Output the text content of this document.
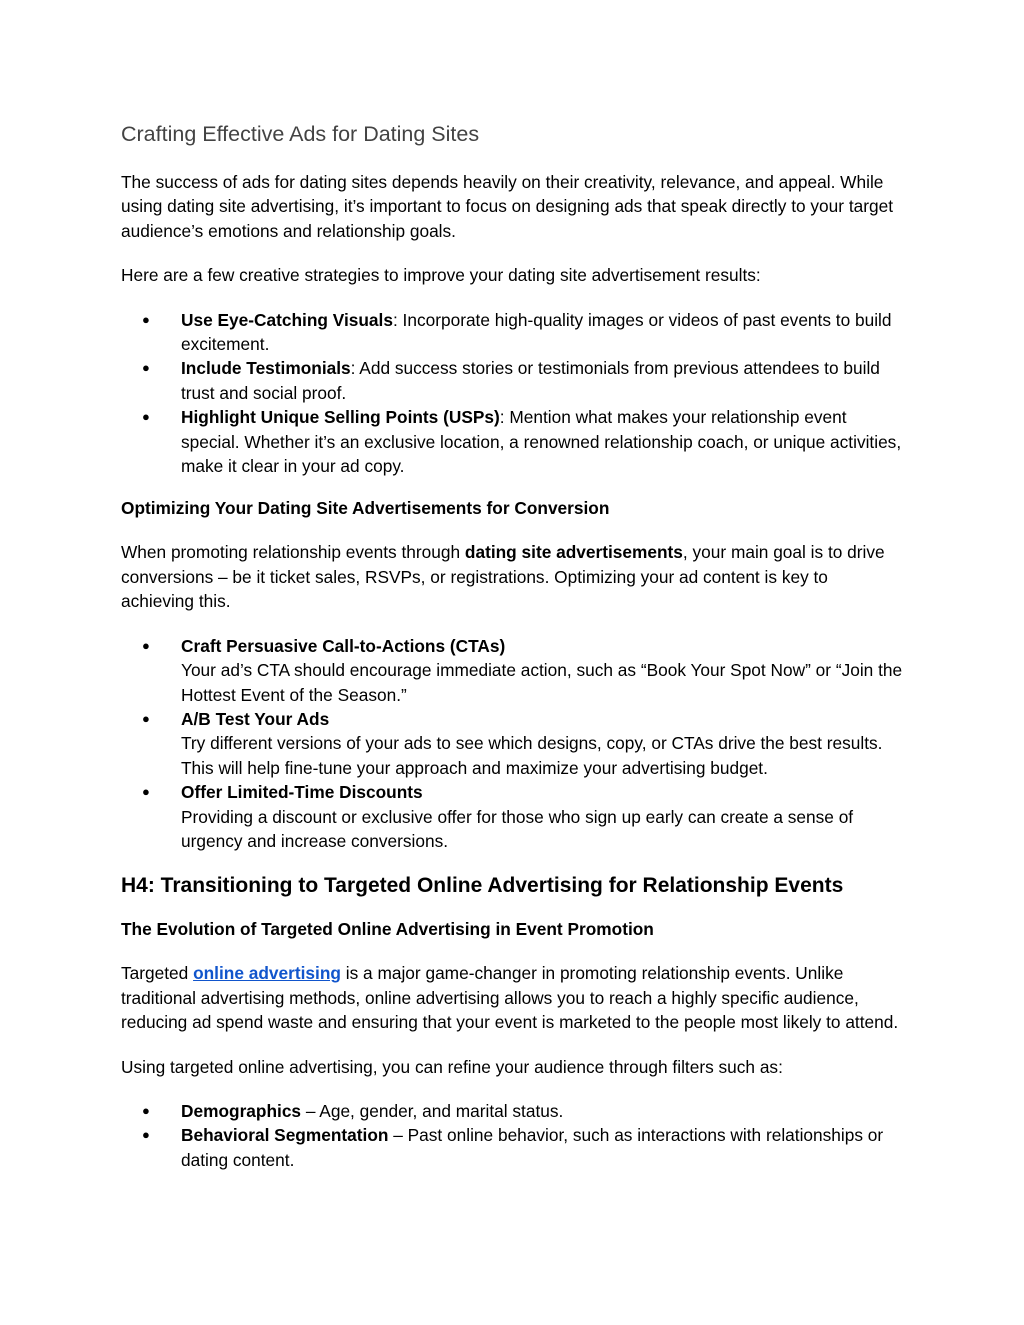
Crafting Effective Ads for Dating Sites

The success of ads for dating sites depends heavily on their creativity, relevance, and appeal. While using dating site advertising, it’s important to focus on designing ads that speak directly to your target audience’s emotions and relationship goals.

Here are a few creative strategies to improve your dating site advertisement results:

● Use Eye-Catching Visuals: Incorporate high-quality images or videos of past events to build excitement.
● Include Testimonials: Add success stories or testimonials from previous attendees to build trust and social proof.
● Highlight Unique Selling Points (USPs): Mention what makes your relationship event special. Whether it’s an exclusive location, a renowned relationship coach, or unique activities, make it clear in your ad copy.
Optimizing Your Dating Site Advertisements for Conversion

When promoting relationship events through dating site advertisements, your main goal is to drive conversions – be it ticket sales, RSVPs, or registrations. Optimizing your ad content is key to achieving this.

● Craft Persuasive Call-to-Actions (CTAs)
Your ad’s CTA should encourage immediate action, such as “Book Your Spot Now” or “Join the Hottest Event of the Season.”
● A/B Test Your Ads
Try different versions of your ads to see which designs, copy, or CTAs drive the best results. This will help fine-tune your approach and maximize your advertising budget.
● Offer Limited-Time Discounts
Providing a discount or exclusive offer for those who sign up early can create a sense of urgency and increase conversions.
H4: Transitioning to Targeted Online Advertising for Relationship Events
The Evolution of Targeted Online Advertising in Event Promotion

Targeted online advertising is a major game-changer in promoting relationship events. Unlike traditional advertising methods, online advertising allows you to reach a highly specific audience, reducing ad spend waste and ensuring that your event is marketed to the people most likely to attend.

Using targeted online advertising, you can refine your audience through filters such as:

● Demographics – Age, gender, and marital status.
● Behavioral Segmentation – Past online behavior, such as interactions with relationships or dating content.
